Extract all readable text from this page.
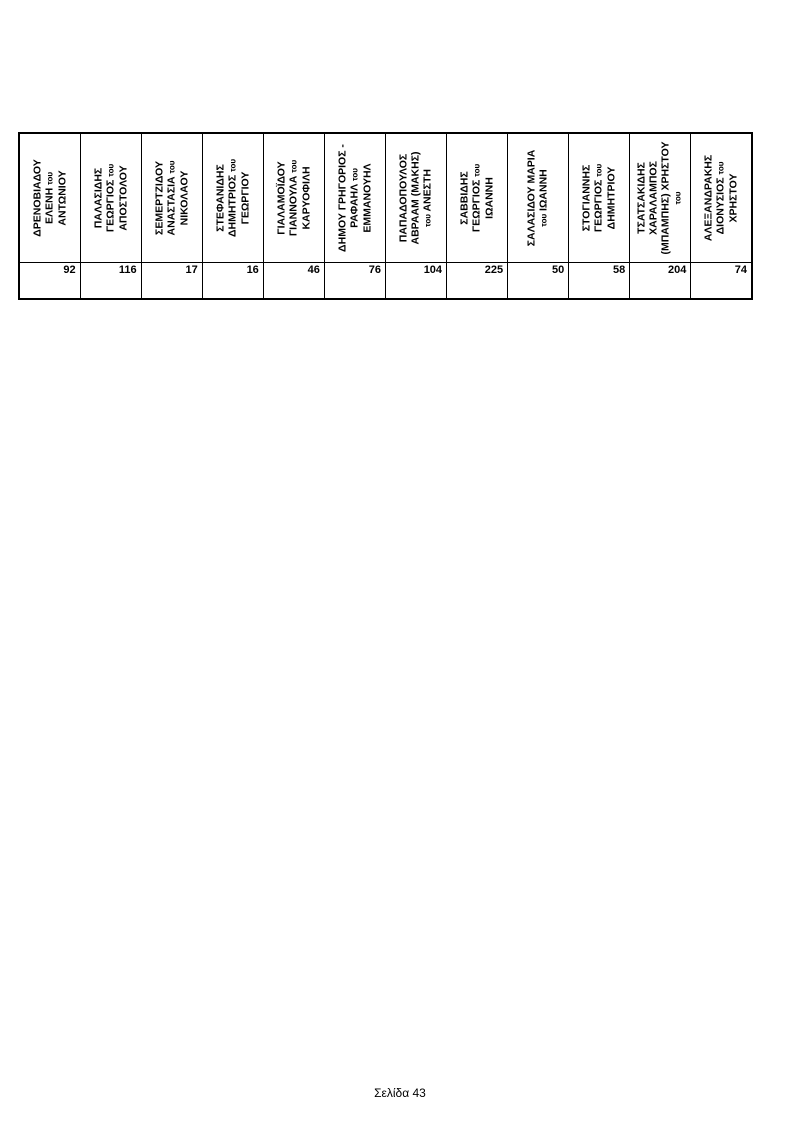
ΔΡΕΝΟΒΙΑΔΟΥ
ΕΛΕΝΗ του ΑΝΤΩΝΙΟΥ	ΠΑΛΑΣΙΔΗΣ
ΓΕΩΡΓΙΟΣ του ΑΠΟΣΤΟΛΟΥ	ΣΕΜΕΡΤΖΙΔΟΥ
ΑΝΑΣΤΑΣΙΑ του
ΝΙΚΟΛΑΟΥ	ΣΤΕΦΑΝΙΔΗΣ
ΔΗΜΗΤΡΙΟΣ του
ΓΕΩΡΓΙΟΥ	ΓΙΑΛΑΜΟΪΔΟΥ
ΓΙΑΝΝΟΥΛΑ του
ΚΑΡΥΟΦΙΛΗ	ΔΗΜΟΥ ΓΡΗΓΟΡΙΟΣ -
ΡΑΦΑΗΛ του ΕΜΜΑΝΟΥΗΛ	ΠΑΠΑΔΟΠΟΥΛΟΣ
ΑΒΡΑΑΜ (ΜΑΚΗΣ) του ΑΝΕΣΤΗ	ΣΑΒΒΙΔΗΣ
ΓΕΩΡΓΙΟΣ του
ΙΩΑΝΝΗ	ΣΑΛΑΣΙΔΟΥ ΜΑΡΙΑ του ΙΩΑΝΝΗ	ΣΤΟΓΙΑΝΝΗΣ
ΓΕΩΡΓΙΟΣ του ΔΗΜΗΤΡΙΟΥ	ΤΣΑΤΣΑΚΙΔΗΣ
ΧΑΡΑΛΑΜΠΟΣ
(ΜΠΑΜΠΗΣ) ΧΡΗΣΤΟΥ του	ΑΛΕΞΑΝΔΡΑΚΗΣ
ΔΙΟΝΥΣΙΟΣ του
ΧΡΗΣΤΟΥ

92	116	17	16	46	76	104	225	50	58	204	74
Σελίδα 43
